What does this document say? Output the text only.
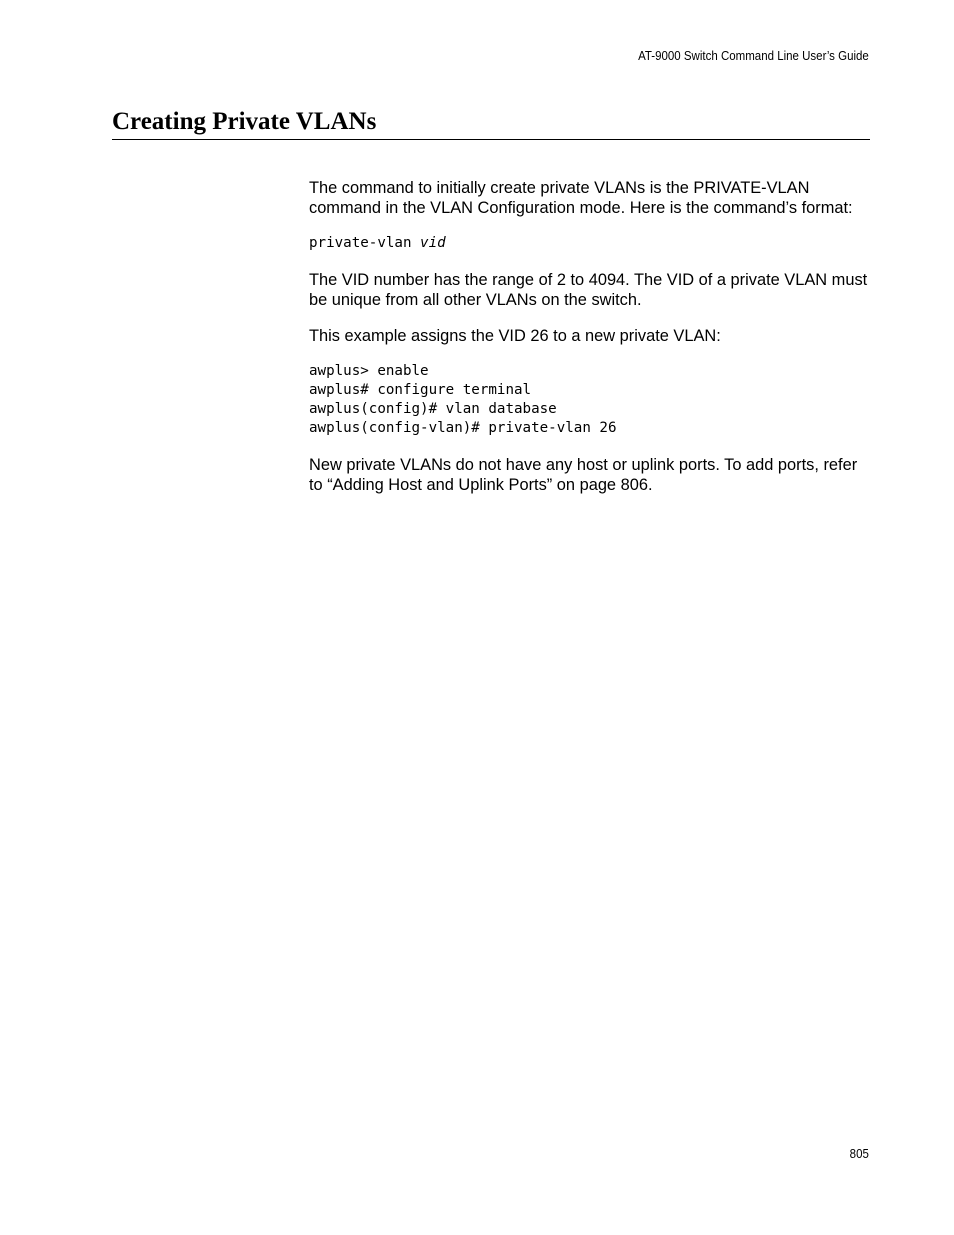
AT-9000 Switch Command Line User’s Guide
Creating Private VLANs

The command to initially create private VLANs is the PRIVATE-VLAN command in the VLAN Configuration mode. Here is the command’s format:

private-vlan vid

The VID number has the range of 2 to 4094. The VID of a private VLAN must be unique from all other VLANs on the switch.

This example assigns the VID 26 to a new private VLAN:

awplus> enable
awplus# configure terminal
awplus(config)# vlan database
awplus(config-vlan)# private-vlan 26

New private VLANs do not have any host or uplink ports. To add ports, refer to “Adding Host and Uplink Ports” on page 806.

805
